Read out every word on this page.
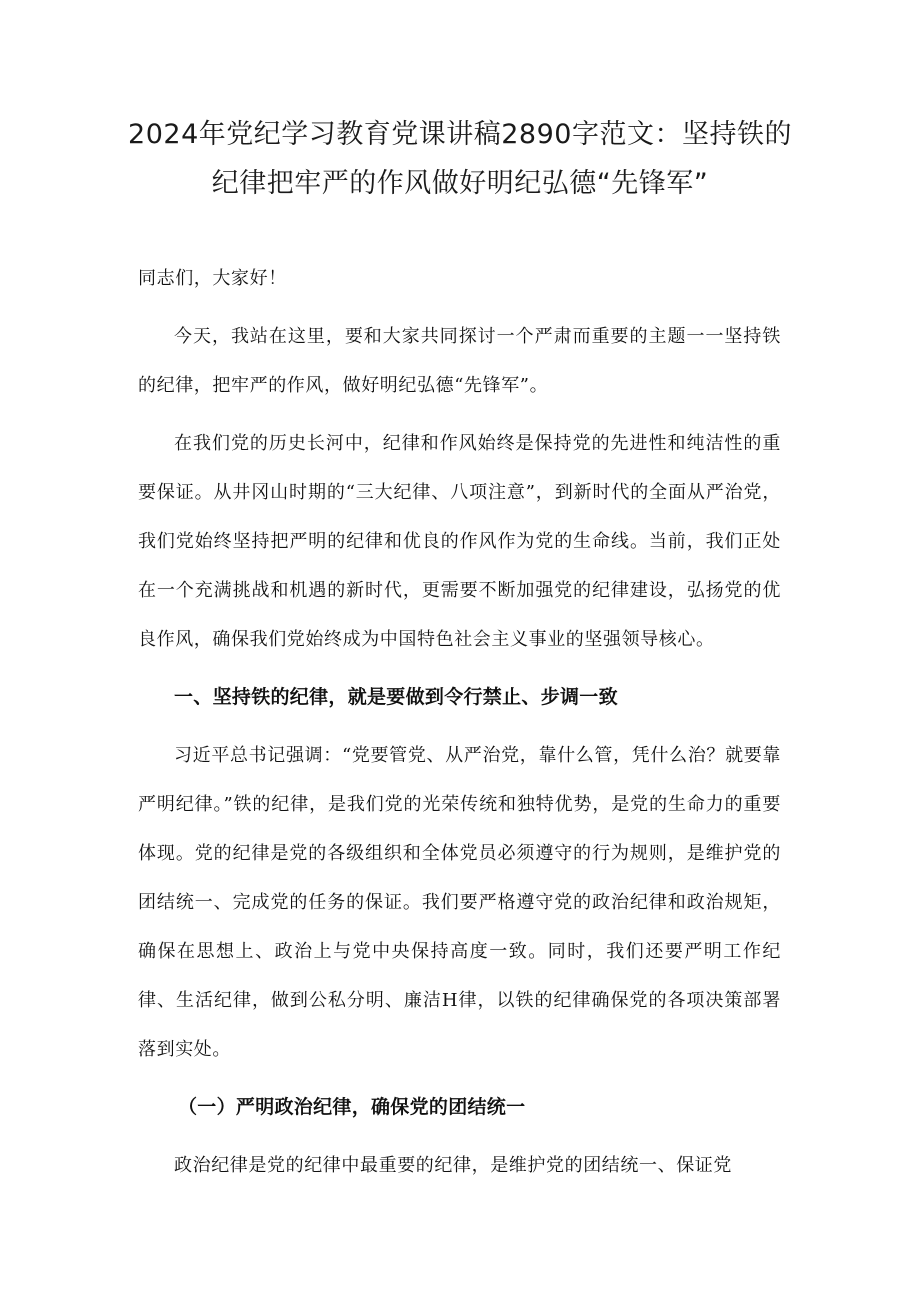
2024年党纪学习教育党课讲稿2890字范文：坚持铁的
纪律把牢严的作风做好明纪弘德“先锋军”

同志们，大家好！

今天，我站在这里，要和大家共同探讨一个严肃而重要的主题一一坚持铁的纪律，把牢严的作风，做好明纪弘德“先锋军”。

在我们党的历史长河中，纪律和作风始终是保持党的先进性和纯洁性的重要保证。从井冈山时期的“三大纪律、八项注意”，到新时代的全面从严治党，我们党始终坚持把严明的纪律和优良的作风作为党的生命线。当前，我们正处在一个充满挑战和机遇的新时代，更需要不断加强党的纪律建设，弘扬党的优良作风，确保我们党始终成为中国特色社会主义事业的坚强领导核心。

一、坚持铁的纪律，就是要做到令行禁止、步调一致

习近平总书记强调：“党要管党、从严治党，靠什么管，凭什么治？就要靠严明纪律。”铁的纪律，是我们党的光荣传统和独特优势，是党的生命力的重要体现。党的纪律是党的各级组织和全体党员必须遵守的行为规则，是维护党的团结统一、完成党的任务的保证。我们要严格遵守党的政治纪律和政治规矩，确保在思想上、政治上与党中央保持高度一致。同时，我们还要严明工作纪律、生活纪律，做到公私分明、廉洁H律，以铁的纪律确保党的各项决策部署落到实处。

（一）严明政治纪律，确保党的团结统一

政治纪律是党的纪律中最重要的纪律，是维护党的团结统一、保证党
